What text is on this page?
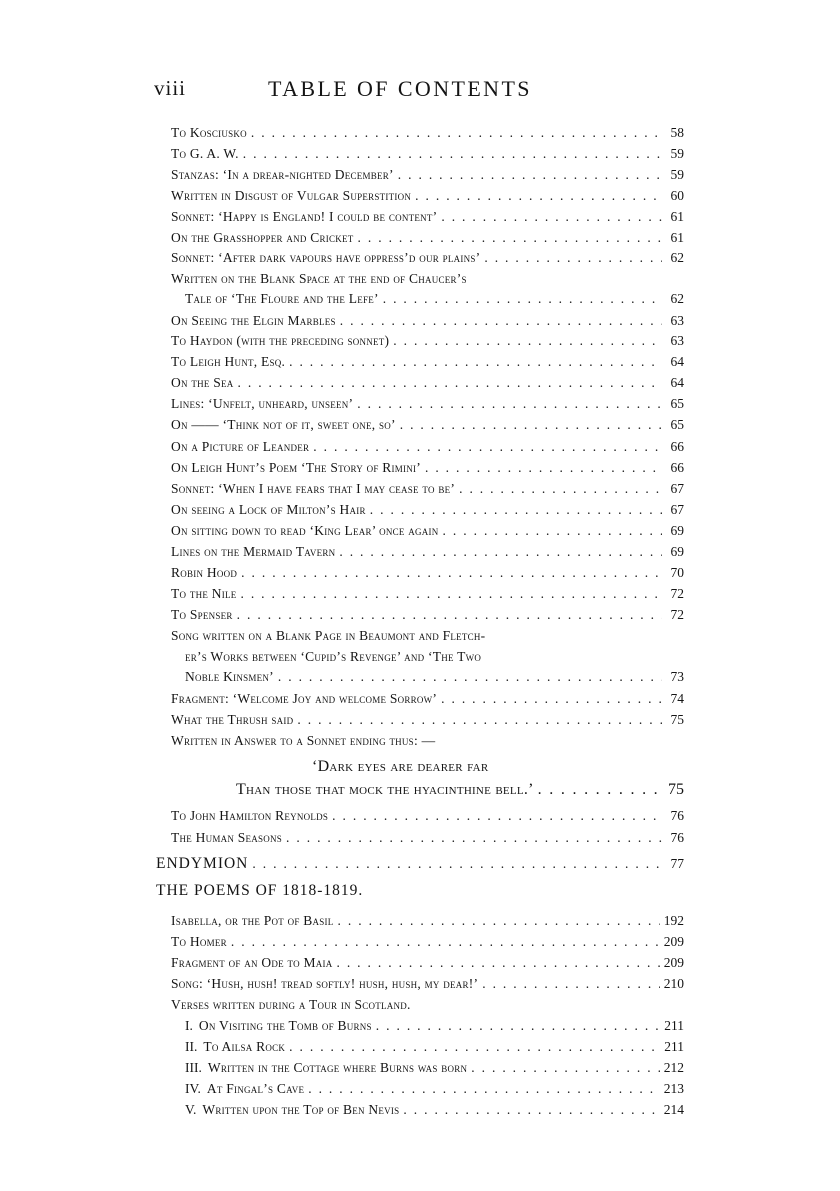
viii	TABLE OF CONTENTS
To Kosciusko . . .	58
To G. A. W. . . .	59
Stanzas: ‘In a drear-nighted December’ . . .	59
Written in Disgust of Vulgar Superstition . . .	60
Sonnet: ‘Happy is England! I could be content’ . . .	61
On the Grasshopper and Cricket . . .	61
Sonnet: ‘After dark vapours have oppress’d our plains’ . . .	62
Written on the Blank Space at the end of Chaucer’s
Tale of ‘The Floure and the Lefe’ . . .	62
On Seeing the Elgin Marbles . . .	63
To Haydon (with the preceding sonnet) . . .	63
To Leigh Hunt, Esq. . . .	64
On the Sea . . .	64
Lines: ‘Unfelt, unheard, unseen’ . . .	65
On —— ‘Think not of it, sweet one, so’ . . .	65
On a Picture of Leander . . .	66
On Leigh Hunt’s Poem ‘The Story of Rimini’ . . .	66
Sonnet: ‘When I have fears that I may cease to be’ . . .	67
On seeing a Lock of Milton’s Hair . . .	67
On sitting down to read ‘King Lear’ once again . . .	69
Lines on the Mermaid Tavern . . .	69
Robin Hood . . .	70
To the Nile . . .	72
To Spenser . . .	72
Song written on a Blank Page in Beaumont and Fletch-
er’s Works between ‘Cupid’s Revenge’ and ‘The Two
Noble Kinsmen’ . . .	73
Fragment: ‘Welcome Joy and welcome Sorrow’ . . .	74
What the Thrush said . . .	75
Written in Answer to a Sonnet ending thus: —
‘Dark eyes are dearer far
Than those that mock the hyacinthine bell.’ . . .	75
To John Hamilton Reynolds . . .	76
The Human Seasons . . .	76
ENDYMION . . .	77
THE POEMS OF 1818-1819.
Isabella, or the Pot of Basil . . .	192
To Homer . . .	209
Fragment of an Ode to Maia . . .	209
Song: ‘Hush, hush! tread softly! hush, hush, my dear!’ . . .	210
Verses written during a Tour in Scotland.
I. On Visiting the Tomb of Burns . . .	211
II. To Ailsa Rock . . .	211
III. Written in the Cottage where Burns was born . . .	212
IV. At Fingal’s Cave . . .	213
V. Written upon the Top of Ben Nevis . . .	214
